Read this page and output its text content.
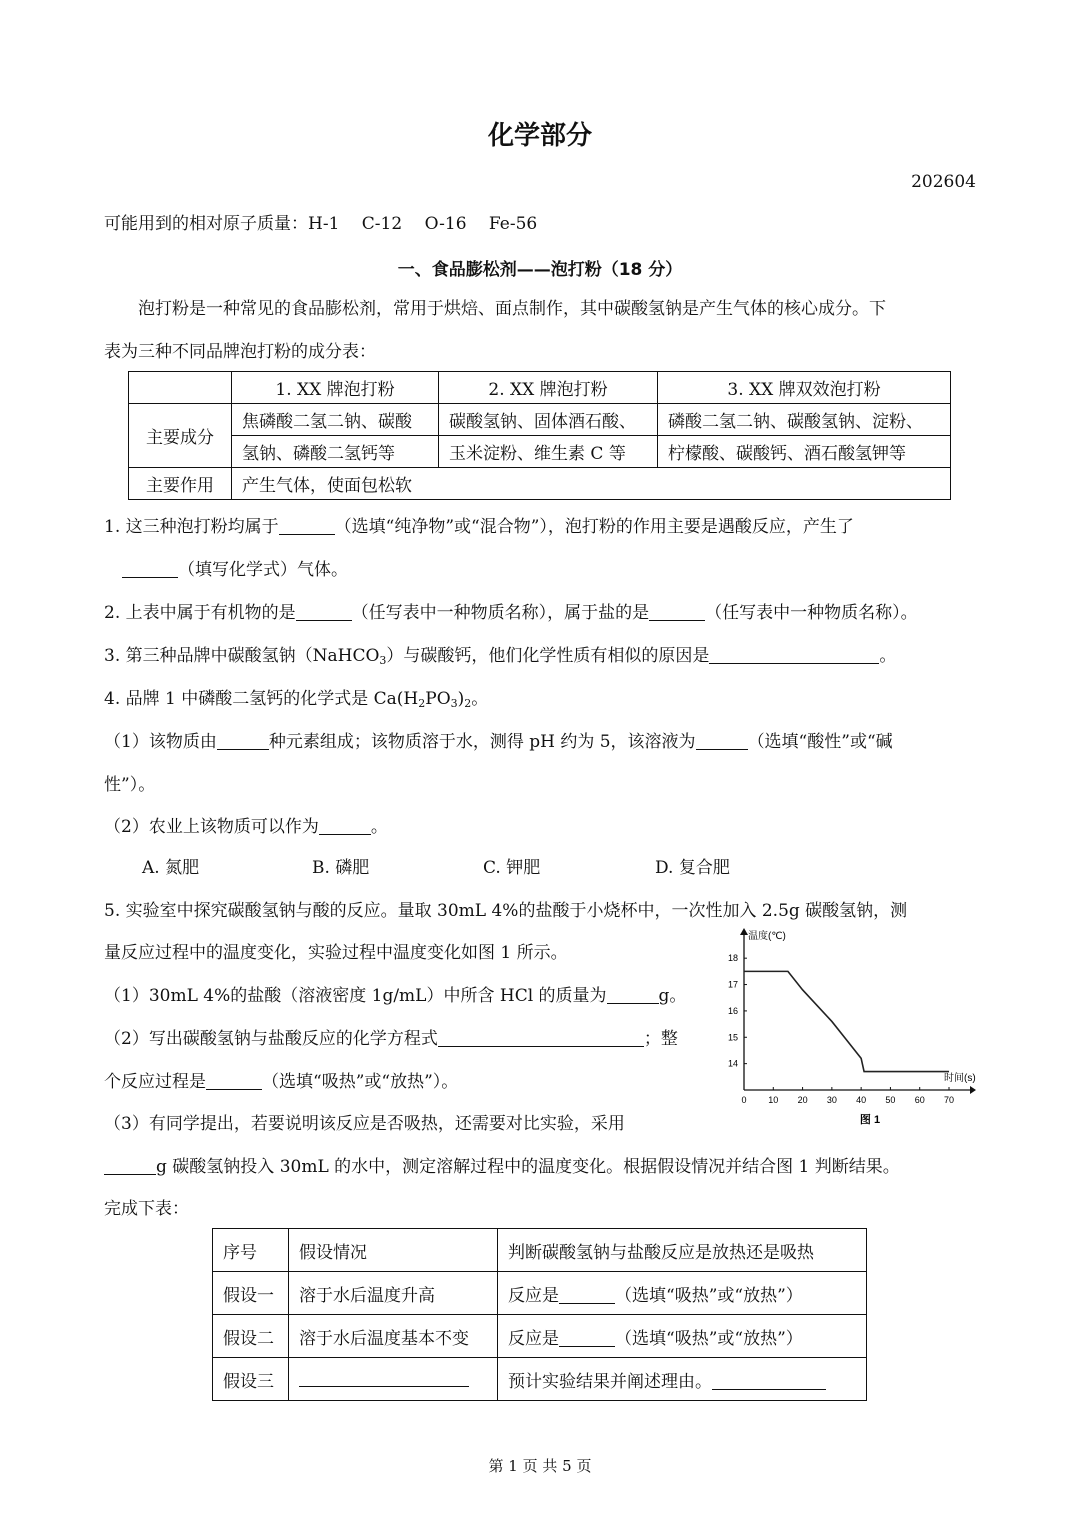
化学部分
202604
可能用到的相对原子质量：H-1　 C-12　 O-16　 Fe-56
一、食品膨松剂——泡打粉（18 分）
泡打粉是一种常见的食品膨松剂，常用于烘焙、面点制作，其中碳酸氢钠是产生气体的核心成分。下
表为三种不同品牌泡打粉的成分表：
	1. XX 牌泡打粉	2. XX 牌泡打粉	3. XX 牌双效泡打粉
主要成分	焦磷酸二氢二钠、碳酸	碳酸氢钠、固体酒石酸、	磷酸二氢二钠、碳酸氢钠、淀粉、
	氢钠、磷酸二氢钙等	玉米淀粉、维生素 C 等	柠檬酸、碳酸钙、酒石酸氢钾等
主要作用	产生气体，使面包松软		
1. 这三种泡打粉均属于	（选填“纯净物”或“混合物”），泡打粉的作用主要是遇酸反应，产生了
（填写化学式）气体。
2. 上表中属于有机物的是	（任写表中一种物质名称），属于盐的是	（任写表中一种物质名称）。
3. 第三种品牌中碳酸氢钠（NaHCO$_3$）与碳酸钙，他们化学性质有相似的原因是	。
4. 品牌 1 中磷酸二氢钙的化学式是 $Ca(H_2PO_3)_2$。
（1）该物质由	种元素组成；该物质溶于水，测得 pH 约为 5，该溶液为	（选填“酸性”或“碱
性”）。
（2）农业上该物质可以作为	。
A. 氮肥	B. 磷肥	C. 钾肥	D. 复合肥
5. 实验室中探究碳酸氢钠与酸的反应。量取 30mL 4%的盐酸于小烧杯中，一次性加入 2.5g 碳酸氢钠，测
量反应过程中的温度变化，实验过程中温度变化如图 1 所示。
（1）30mL 4%的盐酸（溶液密度 1g/mL）中所含 HCl 的质量为	g。
（2）写出碳酸氢钠与盐酸反应的化学方程式	；整
个反应过程是	（选填“吸热”或“放热”）。
（3）有同学提出，若要说明该反应是否吸热，还需要对比实验，采用
g 碳酸氢钠投入 30mL 的水中，测定溶解过程中的温度变化。根据假设情况并结合图 1 判断结果。
完成下表：
温度(℃)
时间(s)
图 1
0 10 20 30 40 50 60 70
14
15
16
17
18
序号	假设情况	判断碳酸氢钠与盐酸反应是放热还是吸热
假设一	溶于水后温度升高	反应是 （选填“吸热”或“放热”）
假设二	溶于水后温度基本不变	反应是 （选填“吸热”或“放热”）
假设三		预计实验结果并阐述理由。
第 1 页 共 5 页
